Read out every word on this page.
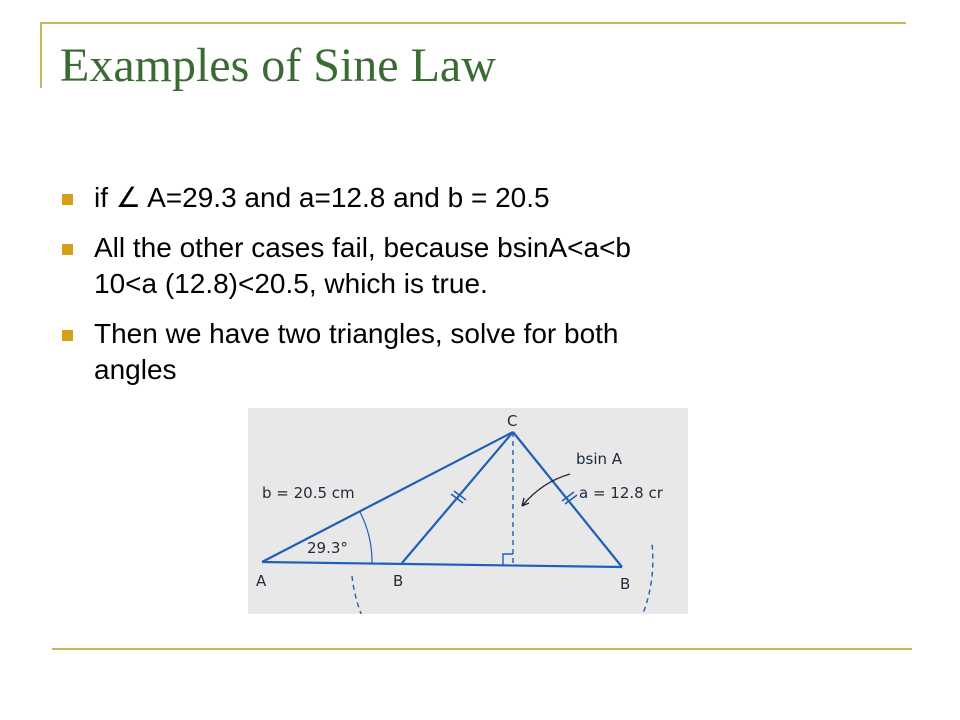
Examples of Sine Law
if ∠ A=29.3 and a=12.8 and b = 20.5
All the other cases fail, because bsinA<a<b
10<a (12.8)<20.5, which is true.
Then we have two triangles, solve for both
angles
C
A	B	B
b = 20.5 cm	a = 12.8 cr
bsin A
29.3°
